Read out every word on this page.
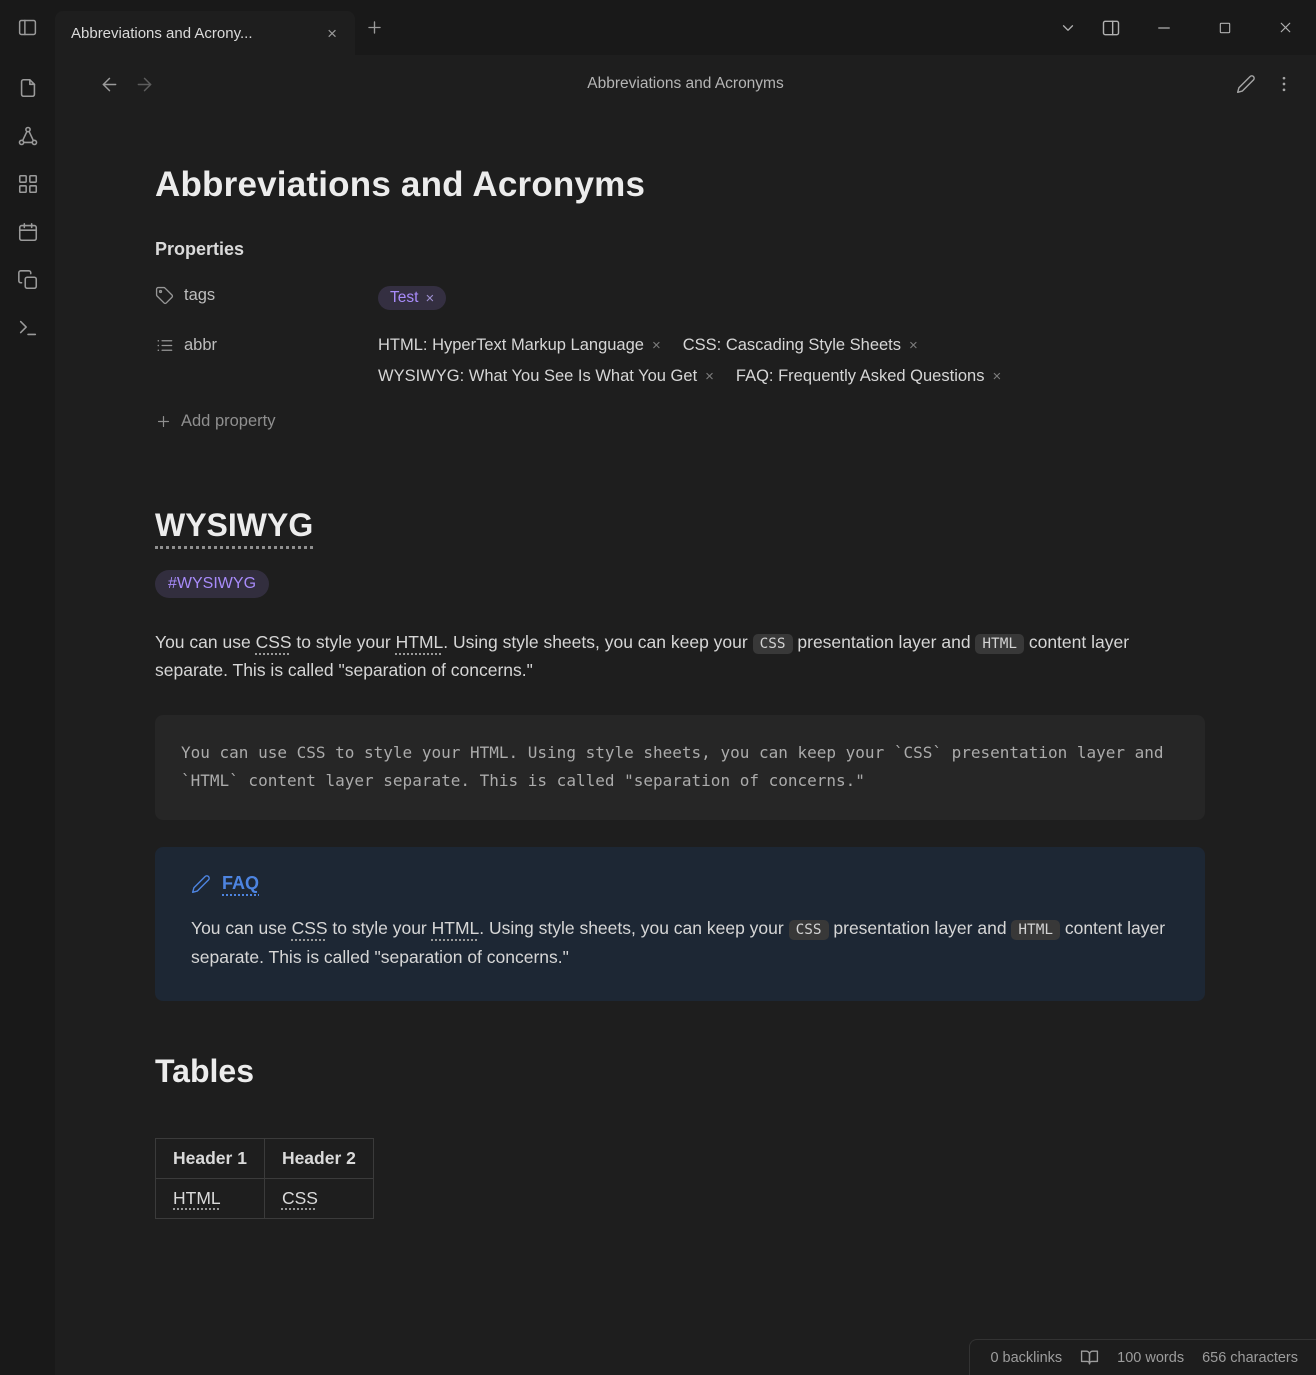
Abbreviations and Acrony...	×
Abbreviations and Acronyms
Abbreviations and Acronyms
Properties
tags	Test ×
abbr	HTML: HyperText Markup Language × CSS: Cascading Style Sheets ×
WYSIWYG: What You See Is What You Get × FAQ: Frequently Asked Questions ×
Add property
WYSIWYG
#WYSIWYG

You can use CSS to style your HTML. Using style sheets, you can keep your CSS presentation layer and HTML content layer separate. This is called "separation of concerns."

You can use CSS to style your HTML. Using style sheets, you can keep your `CSS` presentation layer and `HTML` content layer separate. This is called "separation of concerns."
FAQ

You can use CSS to style your HTML. Using style sheets, you can keep your CSS presentation layer and HTML content layer separate. This is called "separation of concerns."

Tables
Header 1	Header 2
HTML	CSS
0 backlinks	100 words 656 characters
